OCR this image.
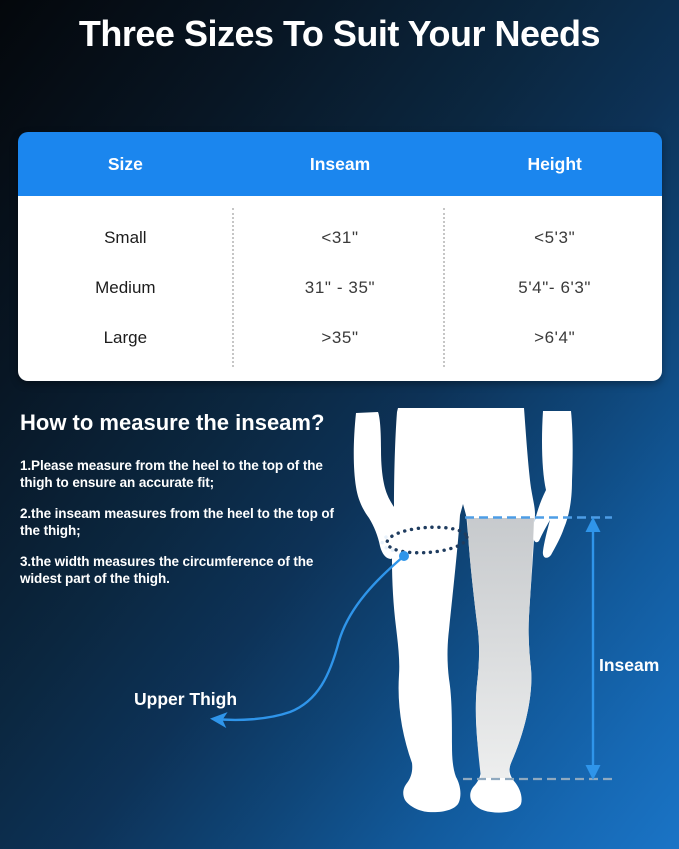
Three Sizes To Suit Your Needs
Size	Inseam	Height
Small	<31"	<5'3"
Medium	31" - 35"	5'4"- 6'3"
Large	>35"	>6'4"
How to measure the inseam?

1.Please measure from the heel to the top of the thigh to ensure an accurate fit;

2.the inseam measures from the heel to the top of the thigh;

3.the width measures the circumference of the widest part of the thigh.

Upper Thigh
Inseam
